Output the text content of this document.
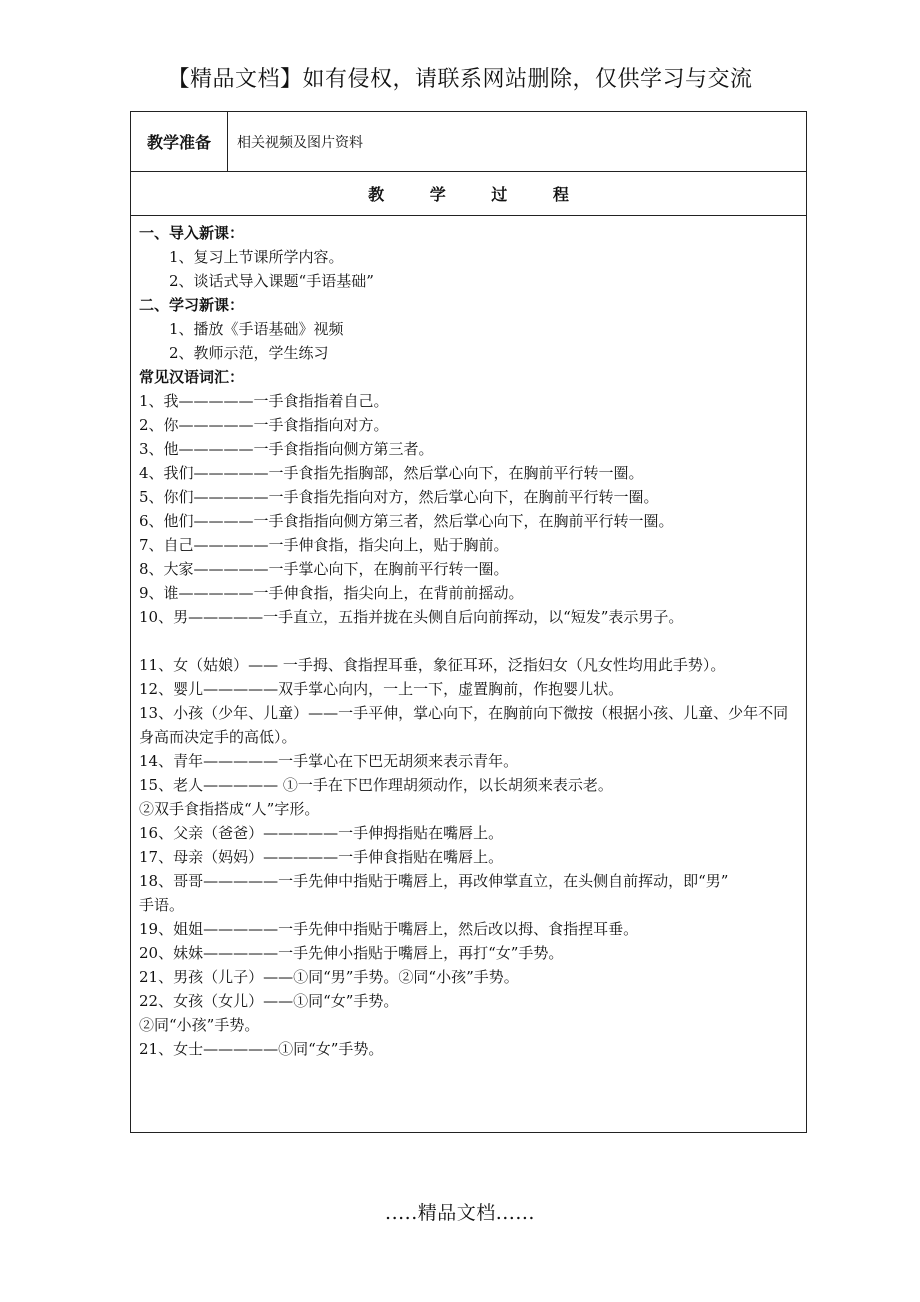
【精品文档】如有侵权，请联系网站删除，仅供学习与交流
教学准备	相关视频及图片资料
教 学 过 程
一、导入新课：
1、复习上节课所学内容。
2、谈话式导入课题“手语基础”
二、学习新课：
1、播放《手语基础》视频
2、教师示范，学生练习
常见汉语词汇：
1、我—————一手食指指着自己。
2、你—————一手食指指向对方。
3、他—————一手食指指向侧方第三者。
4、我们—————一手食指先指胸部，然后掌心向下，在胸前平行转一圈。
5、你们—————一手食指先指向对方，然后掌心向下，在胸前平行转一圈。
6、他们————一手食指指向侧方第三者，然后掌心向下，在胸前平行转一圈。
7、自己—————一手伸食指，指尖向上，贴于胸前。
8、大家—————一手掌心向下，在胸前平行转一圈。
9、谁—————一手伸食指，指尖向上，在背前前摇动。
10、男—————一手直立，五指并拢在头侧自后向前挥动，以“短发”表示男子。
11、女（姑娘）—— 一手拇、食指捏耳垂，象征耳环，泛指妇女（凡女性均用此手势）。
12、婴儿—————双手掌心向内，一上一下，虚置胸前，作抱婴儿状。
13、小孩（少年、儿童）——一手平伸，掌心向下，在胸前向下微按（根据小孩、儿童、少年不同身高而决定手的高低）。
14、青年—————一手掌心在下巴无胡须来表示青年。
15、老人————— ①一手在下巴作理胡须动作，以长胡须来表示老。
②双手食指搭成“人”字形。
16、父亲（爸爸）—————一手伸拇指贴在嘴唇上。
17、母亲（妈妈）—————一手伸食指贴在嘴唇上。
18、哥哥—————一手先伸中指贴于嘴唇上，再改伸掌直立，在头侧自前挥动，即“男”
手语。
19、姐姐—————一手先伸中指贴于嘴唇上，然后改以拇、食指捏耳垂。
20、妹妹—————一手先伸小指贴于嘴唇上，再打“女”手势。
21、男孩（儿子）——①同“男”手势。②同“小孩”手势。
22、女孩（女儿）——①同“女”手势。
②同“小孩”手势。
21、女士—————①同“女”手势。
.....精品文档......
